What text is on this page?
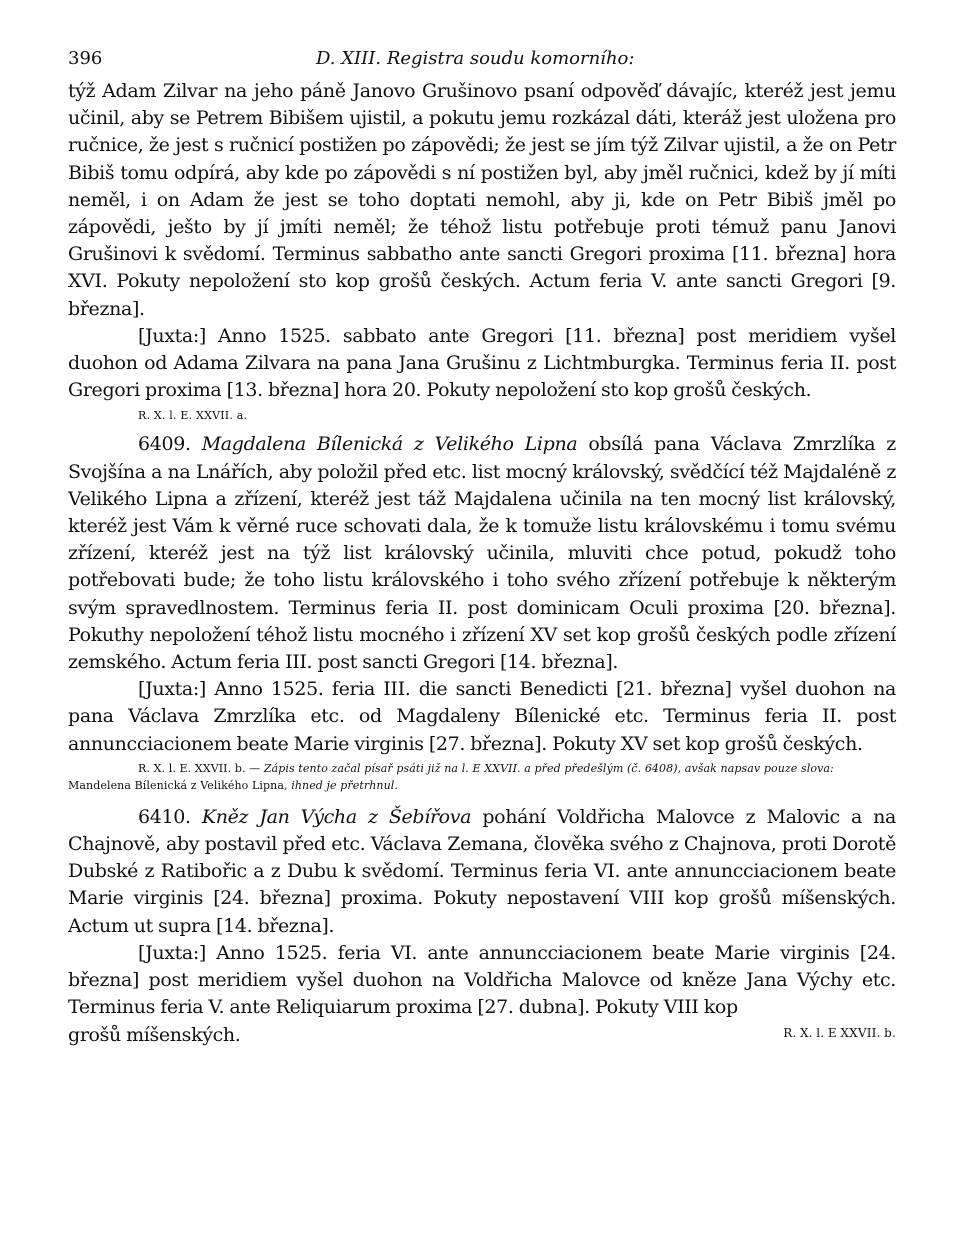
396	D. XIII. Registra soudu komorního:

týž Adam Zilvar na jeho páně Janovo Grušinovo psaní odpověď dávajíc, kteréž jest jemu učinil, aby se Petrem Bibišem ujistil, a pokutu jemu rozkázal dáti, kteráž jest uložena pro ručnice, že jest s ručnicí postižen po zápovědi; že jest se jím týž Zilvar ujistil, a že on Petr Bibiš tomu odpírá, aby kde po zápovědi s ní postižen byl, aby jměl ručnici, kdež by jí míti neměl, i on Adam že jest se toho doptati nemohl, aby ji, kde on Petr Bibiš jměl po zápovědi, ješto by jí jmíti neměl; že téhož listu potřebuje proti témuž panu Janovi Grušinovi k svědomí. Terminus sabbatho ante sancti Gregori proxima [11. března] hora XVI. Pokuty nepoložení sto kop grošů českých. Actum feria V. ante sancti Gregori [9. března].

[Juxta:] Anno 1525. sabbato ante Gregori [11. března] post meridiem vyšel duohon od Adama Zilvara na pana Jana Grušinu z Lichtmburgka. Terminus feria II. post Gregori proxima [13. března] hora 20. Pokuty nepoložení sto kop grošů českých.

R. X. l. E. XXVII. a.

6409. Magdalena Bílenická z Velikého Lipna obsílá pana Václava Zmrzlíka z Svojšína a na Lnářích, aby položil před etc. list mocný královský, svědčící též Majdaléně z Velikého Lipna a zřízení, kteréž jest táž Majdalena učinila na ten mocný list královský, kteréž jest Vám k věrné ruce schovati dala, že k tomuže listu královskému i tomu svému zřízení, kteréž jest na týž list královský učinila, mluviti chce potud, pokudž toho potřebovati bude; že toho listu královského i toho svého zřízení potřebuje k některým svým spravedlnostem. Terminus feria II. post dominicam Oculi proxima [20. března]. Pokuthy nepoložení téhož listu mocného i zřízení XV set kop grošů českých podle zřízení zemského. Actum feria III. post sancti Gregori [14. března].

[Juxta:] Anno 1525. feria III. die sancti Benedicti [21. března] vyšel duohon na pana Václava Zmrzlíka etc. od Magdaleny Bílenické etc. Terminus feria II. post annuncciacionem beate Marie virginis [27. března]. Pokuty XV set kop grošů českých.

R. X. l. E. XXVII. b. — Zápis tento začal písař psáti již na l. E XXVII. a před předešlým (č. 6408), avšak napsav pouze slova: Mandelena Bílenická z Velikého Lipna, ihned je přetrhnul.

6410. Kněz Jan Výcha z Šebířova pohání Voldřicha Malovce z Malovic a na Chajnově, aby postavil před etc. Václava Zemana, člověka svého z Chajnova, proti Dorotě Dubské z Ratibořic a z Dubu k svědomí. Terminus feria VI. ante annuncciacionem beate Marie virginis [24. března] proxima. Pokuty nepostavení VIII kop grošů míšenských. Actum ut supra [14. března].

[Juxta:] Anno 1525. feria VI. ante annuncciacionem beate Marie virginis [24. března] post meridiem vyšel duohon na Voldřicha Malovce od kněze Jana Výchy etc. Terminus feria V. ante Reliquiarum proxima [27. dubna]. Pokuty VIII kop

grošů míšenských.	R. X. l. E XXVII. b.
